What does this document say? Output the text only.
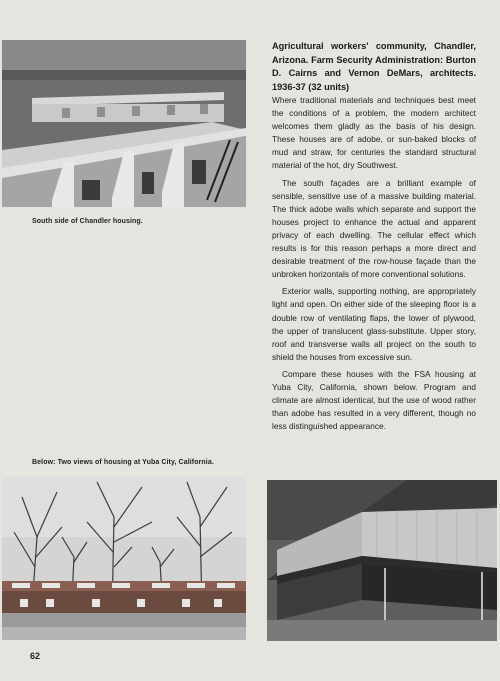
South side of Chandler housing.
Agricultural workers' community, Chandler, Arizona. Farm Security Administration: Burton D. Cairns and Vernon DeMars, architects. 1936-37 (32 units)

Where traditional materials and techniques best meet the conditions of a problem, the modern architect welcomes them gladly as the basis of his design. These houses are of adobe, or sun-baked blocks of mud and straw, for centuries the standard structural material of the hot, dry Southwest.

The south façades are a brilliant example of sensible, sensitive use of a massive building material. The thick adobe walls which separate and support the houses project to enhance the actual and apparent privacy of each dwelling. The cellular effect which results is for this reason perhaps a more direct and desirable treatment of the row-house façade than the unbroken horizontals of more conventional solutions.

Exterior walls, supporting nothing, are appropriately light and open. On either side of the sleeping floor is a double row of ventilating flaps, the lower of plywood, the upper of translucent glass-substitute. Upper story, roof and transverse walls all project on the south to shield the houses from excessive sun.

Compare these houses with the FSA housing at Yuba City, California, shown below. Program and climate are almost identical, but the use of wood rather than adobe has resulted in a very different, though no less distinguished appearance.

Below: Two views of housing at Yuba City, California.
62
